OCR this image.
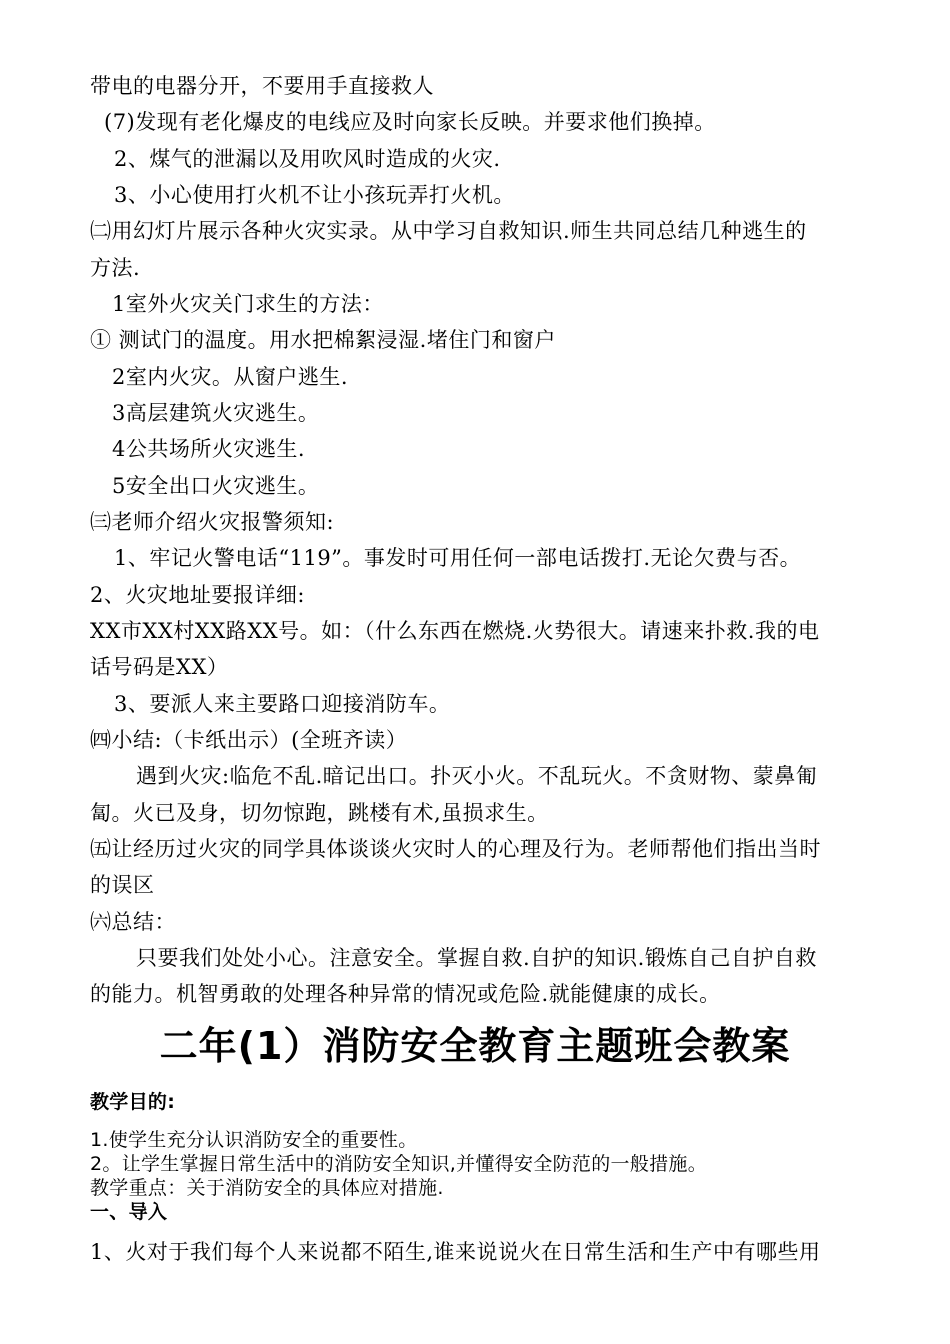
带电的电器分开，不要用手直接救人
(7)发现有老化爆皮的电线应及时向家长反映。并要求他们换掉。
2、煤气的泄漏以及用吹风时造成的火灾.
3、小心使用打火机不让小孩玩弄打火机。
㈡用幻灯片展示各种火灾实录。从中学习自救知识.师生共同总结几种逃生的
方法.
1室外火灾关门求生的方法：
① 测试门的温度。用水把棉絮浸湿.堵住门和窗户
2室内火灾。从窗户逃生.
3高层建筑火灾逃生。
4公共场所火灾逃生.
5安全出口火灾逃生。
㈢老师介绍火灾报警须知:
1、牢记火警电话“119”。事发时可用任何一部电话拨打.无论欠费与否。
2、火灾地址要报详细:
XX市XX村XX路XX号。如：（什么东西在燃烧.火势很大。请速来扑救.我的电
话号码是XX）
3、要派人来主要路口迎接消防车。
㈣小结:（卡纸出示）(全班齐读）
遇到火灾:临危不乱.暗记出口。扑灭小火。不乱玩火。不贪财物、蒙鼻匍
匐。火已及身，切勿惊跑，跳楼有术,虽损求生。
㈤让经历过火灾的同学具体谈谈火灾时人的心理及行为。老师帮他们指出当时
的误区
㈥总结：
只要我们处处小心。注意安全。掌握自救.自护的知识.锻炼自己自护自救
的能力。机智勇敢的处理各种异常的情况或危险.就能健康的成长。
二年(1）消防安全教育主题班会教案
教学目的:
1.使学生充分认识消防安全的重要性。
2。让学生掌握日常生活中的消防安全知识,并懂得安全防范的一般措施。
教学重点：关于消防安全的具体应对措施.
一、导入
1、火对于我们每个人来说都不陌生,谁来说说火在日常生活和生产中有哪些用
